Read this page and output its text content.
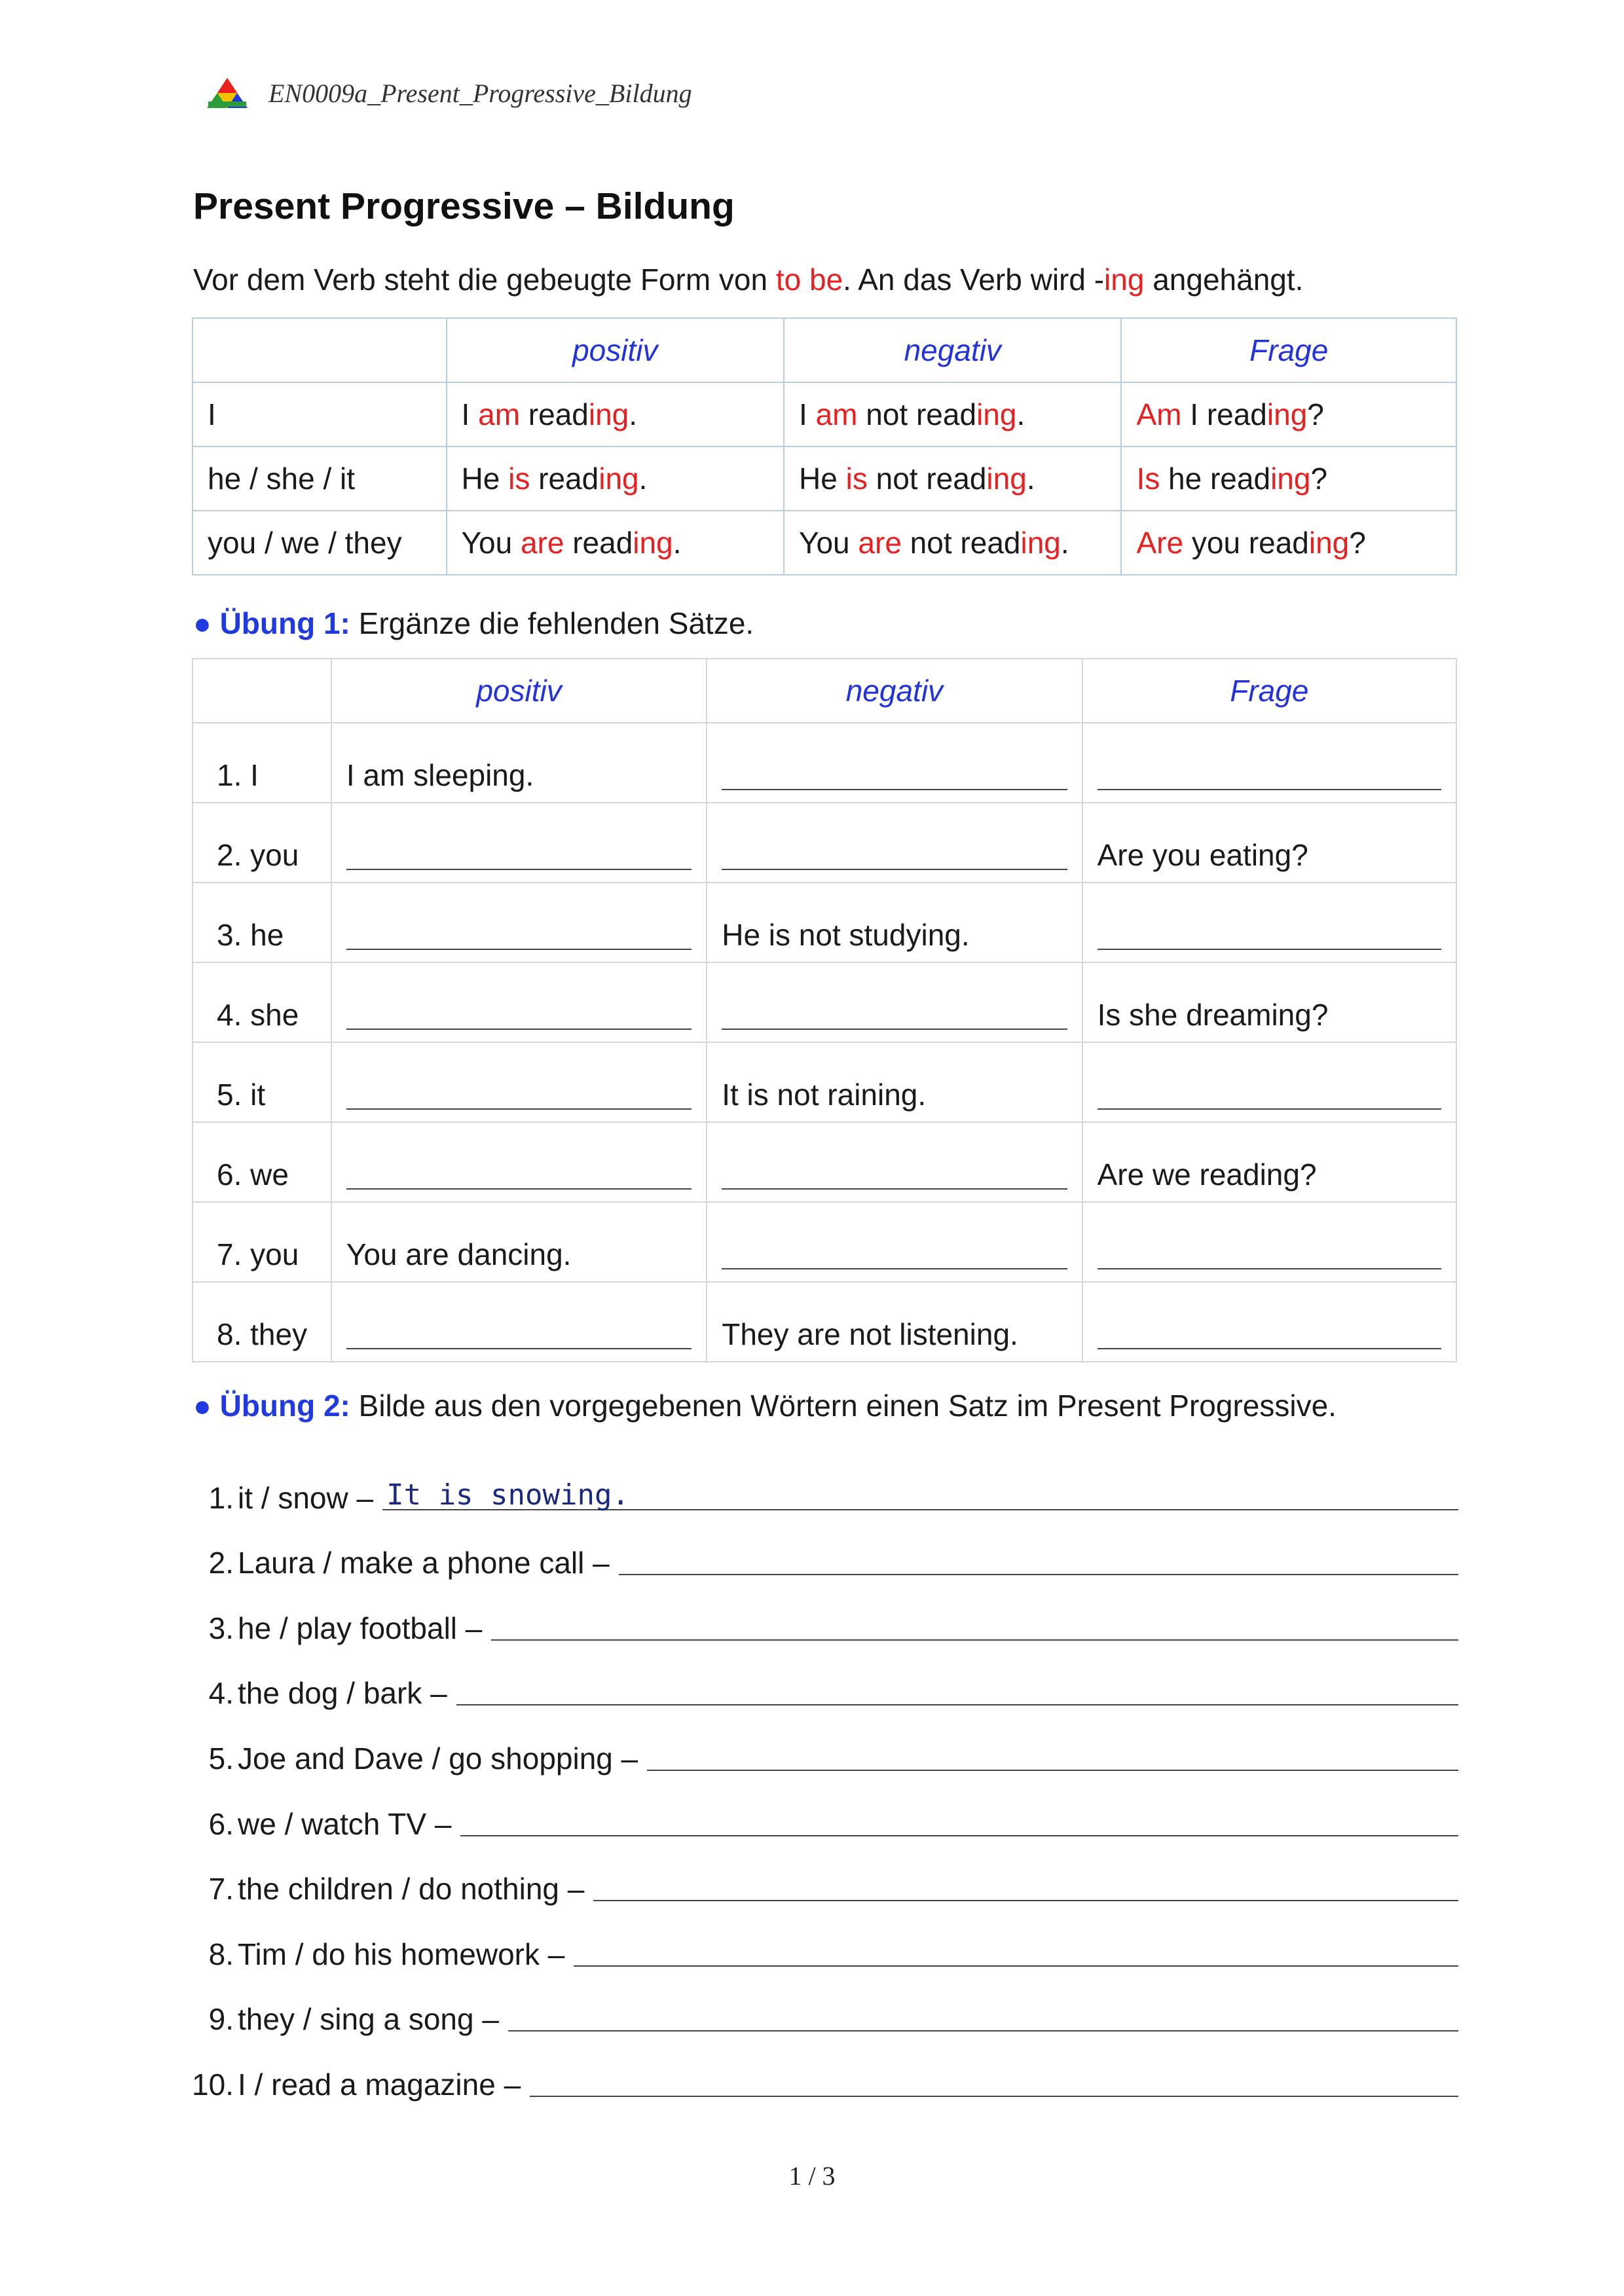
EN0009a_Present_Progressive_Bildung
Present Progressive – Bildung
Vor dem Verb steht die gebeugte Form von to be. An das Verb wird -ing angehängt.
	positiv	negativ	Frage
I	I am reading.	I am not reading.	Am I reading?
he / she / it	He is reading.	He is not reading.	Is he reading?
you / we / they	You are reading.	You are not reading.	Are you reading?
● Übung 1: Ergänze die fehlenden Sätze.
	positiv	negativ	Frage

1. I	I am sleeping.		

2. you			Are you eating?

3. he		He is not studying.	

4. she			Is she dreaming?

5. it		It is not raining.	

6. we			Are we reading?

7. you	You are dancing.		

8. they		They are not listening.	

● Übung 2: Bilde aus den vorgegebenen Wörtern einen Satz im Present Progressive.
1. it / snow – It is snowing.
2. Laura / make a phone call –
3. he / play football –
4. the dog / bark –
5. Joe and Dave / go shopping –
6. we / watch TV –
7. the children / do nothing –
8. Tim / do his homework –
9. they / sing a song –
10. I / read a magazine –
1 / 3
